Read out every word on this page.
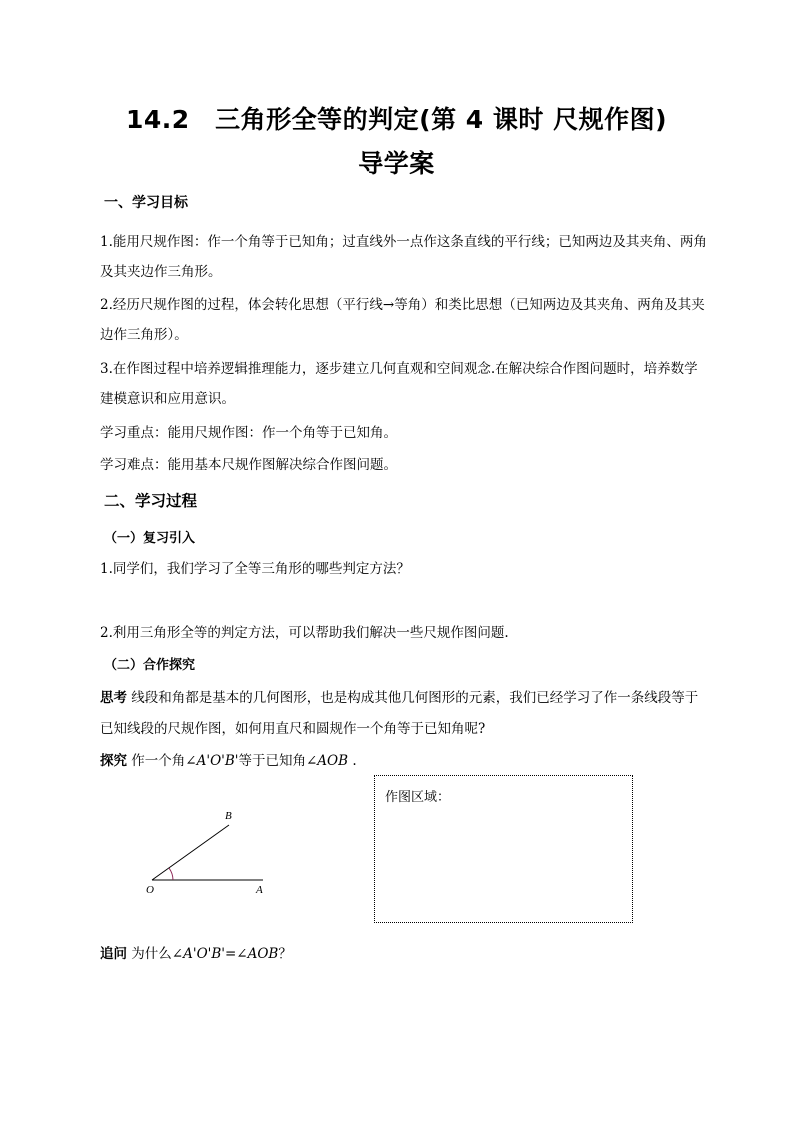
14.2　三角形全等的判定(第 4 课时 尺规作图)
导学案
一、学习目标
1.能用尺规作图：作一个角等于已知角；过直线外一点作这条直线的平行线；已知两边及其夹角、两角
及其夹边作三角形。
2.经历尺规作图的过程，体会转化思想（平行线→等角）和类比思想（已知两边及其夹角、两角及其夹
边作三角形）。
3.在作图过程中培养逻辑推理能力，逐步建立几何直观和空间观念.在解决综合作图问题时，培养数学
建模意识和应用意识。
学习重点：能用尺规作图：作一个角等于已知角。
学习难点：能用基本尺规作图解决综合作图问题。
二、学习过程
（一）复习引入
1.同学们，我们学习了全等三角形的哪些判定方法？
2.利用三角形全等的判定方法，可以帮助我们解决一些尺规作图问题.
（二）合作探究
思考 线段和角都是基本的几何图形，也是构成其他几何图形的元素，我们已经学习了作一条线段等于
已知线段的尺规作图，如何用直尺和圆规作一个角等于已知角呢?
探究 作一个角∠A'O'B'等于已知角∠AOB .
B
O	A
作图区域：
追问 为什么∠A'O'B'=∠AOB？
